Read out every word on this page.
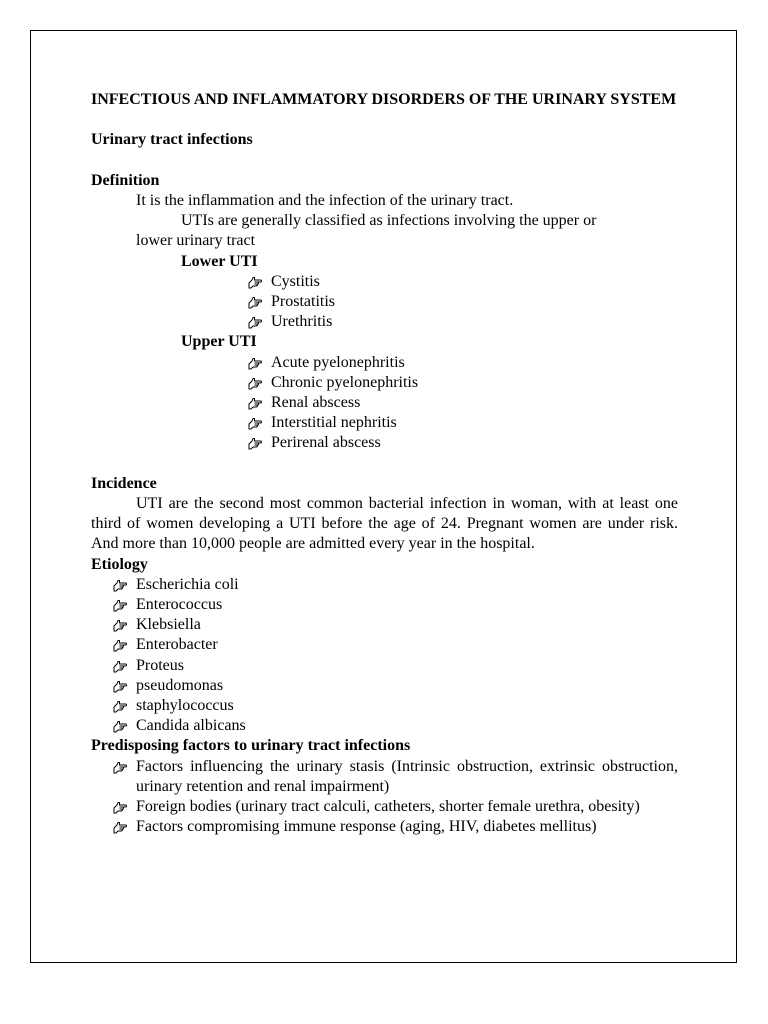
INFECTIOUS AND INFLAMMATORY DISORDERS OF THE URINARY SYSTEM

Urinary tract infections

Definition

It is the inflammation and the infection of the urinary tract.

UTIs are generally classified as infections involving the upper or

lower urinary tract

Lower UTI

Cystitis
Prostatitis
Urethritis

Upper UTI

Acute pyelonephritis
Chronic pyelonephritis
Renal abscess
Interstitial nephritis
Perirenal abscess

Incidence

UTI are the second most common bacterial infection in woman, with at least one third of women developing a UTI before the age of 24. Pregnant women are under risk. And more than 10,000 people are admitted every year in the hospital.

Etiology

Escherichia coli
Enterococcus
Klebsiella
Enterobacter
Proteus
pseudomonas
staphylococcus
Candida albicans

Predisposing factors to urinary tract infections

Factors influencing the urinary stasis (Intrinsic obstruction, extrinsic obstruction, urinary retention and renal impairment)
Foreign bodies (urinary tract calculi, catheters, shorter female urethra, obesity)
Factors compromising immune response (aging, HIV, diabetes mellitus)
